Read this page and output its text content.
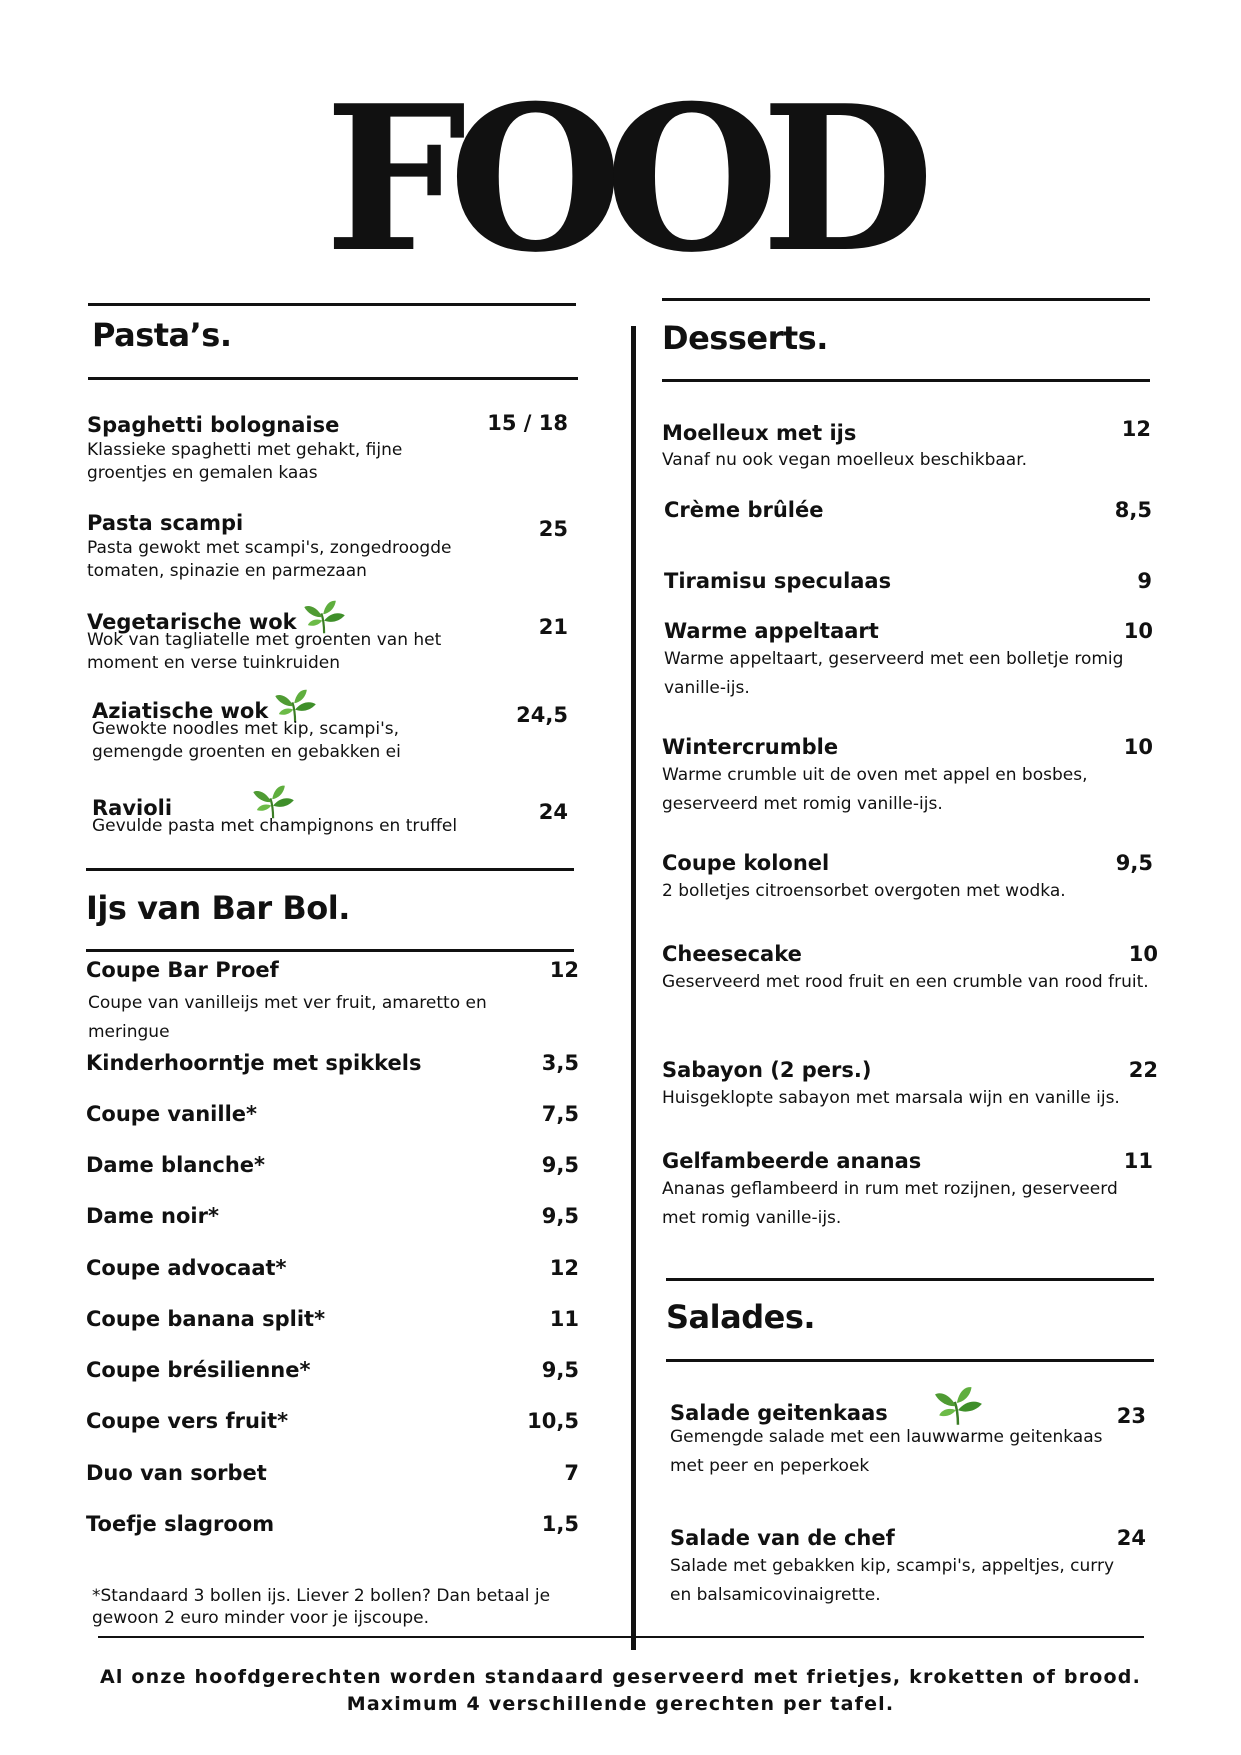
FOOD
Pasta’s.
Spaghetti bolognaise
Klassieke spaghetti met gehakt, fijne groentjes en gemalen kaas
15 / 18
Pasta scampi
Pasta gewokt met scampi's, zongedroogde tomaten, spinazie en parmezaan
25
Vegetarische wok
Wok van tagliatelle met groenten van het moment en verse tuinkruiden
21
Aziatische wok
Gewokte noodles met kip, scampi's, gemengde groenten en gebakken ei
24,5
Ravioli
Gevulde pasta met champignons en truffel
24
Ijs van Bar Bol.
Coupe Bar Proef
Coupe van vanilleijs met ver fruit, amaretto en meringue
12
Kinderhoorntje met spikkels	3,5
Coupe vanille*	7,5
Dame blanche*	9,5
Dame noir*	9,5
Coupe advocaat*	12
Coupe banana split*	11
Coupe brésilienne*	9,5
Coupe vers fruit*	10,5
Duo van sorbet	7
Toefje slagroom	1,5
*Standaard 3 bollen ijs. Liever 2 bollen? Dan betaal je gewoon 2 euro minder voor je ijscoupe.
Desserts.
Moelleux met ijs
Vanaf nu ook vegan moelleux beschikbaar.
12
Crème brûlée	8,5
Tiramisu speculaas	9
Warme appeltaart
Warme appeltaart, geserveerd met een bolletje romig vanille-ijs.
10
Wintercrumble
Warme crumble uit de oven met appel en bosbes, geserveerd met romig vanille-ijs.
10
Coupe kolonel
2 bolletjes citroensorbet overgoten met wodka.
9,5
Cheesecake
Geserveerd met rood fruit en een crumble van rood fruit.
10
Sabayon (2 pers.)
Huisgeklopte sabayon met marsala wijn en vanille ijs.
22
Gelfambeerde ananas
Ananas geflambeerd in rum met rozijnen, geserveerd met romig vanille-ijs.
11
Salades.
Salade geitenkaas
Gemengde salade met een lauwwarme geitenkaas met peer en peperkoek
23
Salade van de chef
Salade met gebakken kip, scampi's, appeltjes, curry en balsamicovinaigrette.
24
Al onze hoofdgerechten worden standaard geserveerd met frietjes, kroketten of brood.
Maximum 4 verschillende gerechten per tafel.
